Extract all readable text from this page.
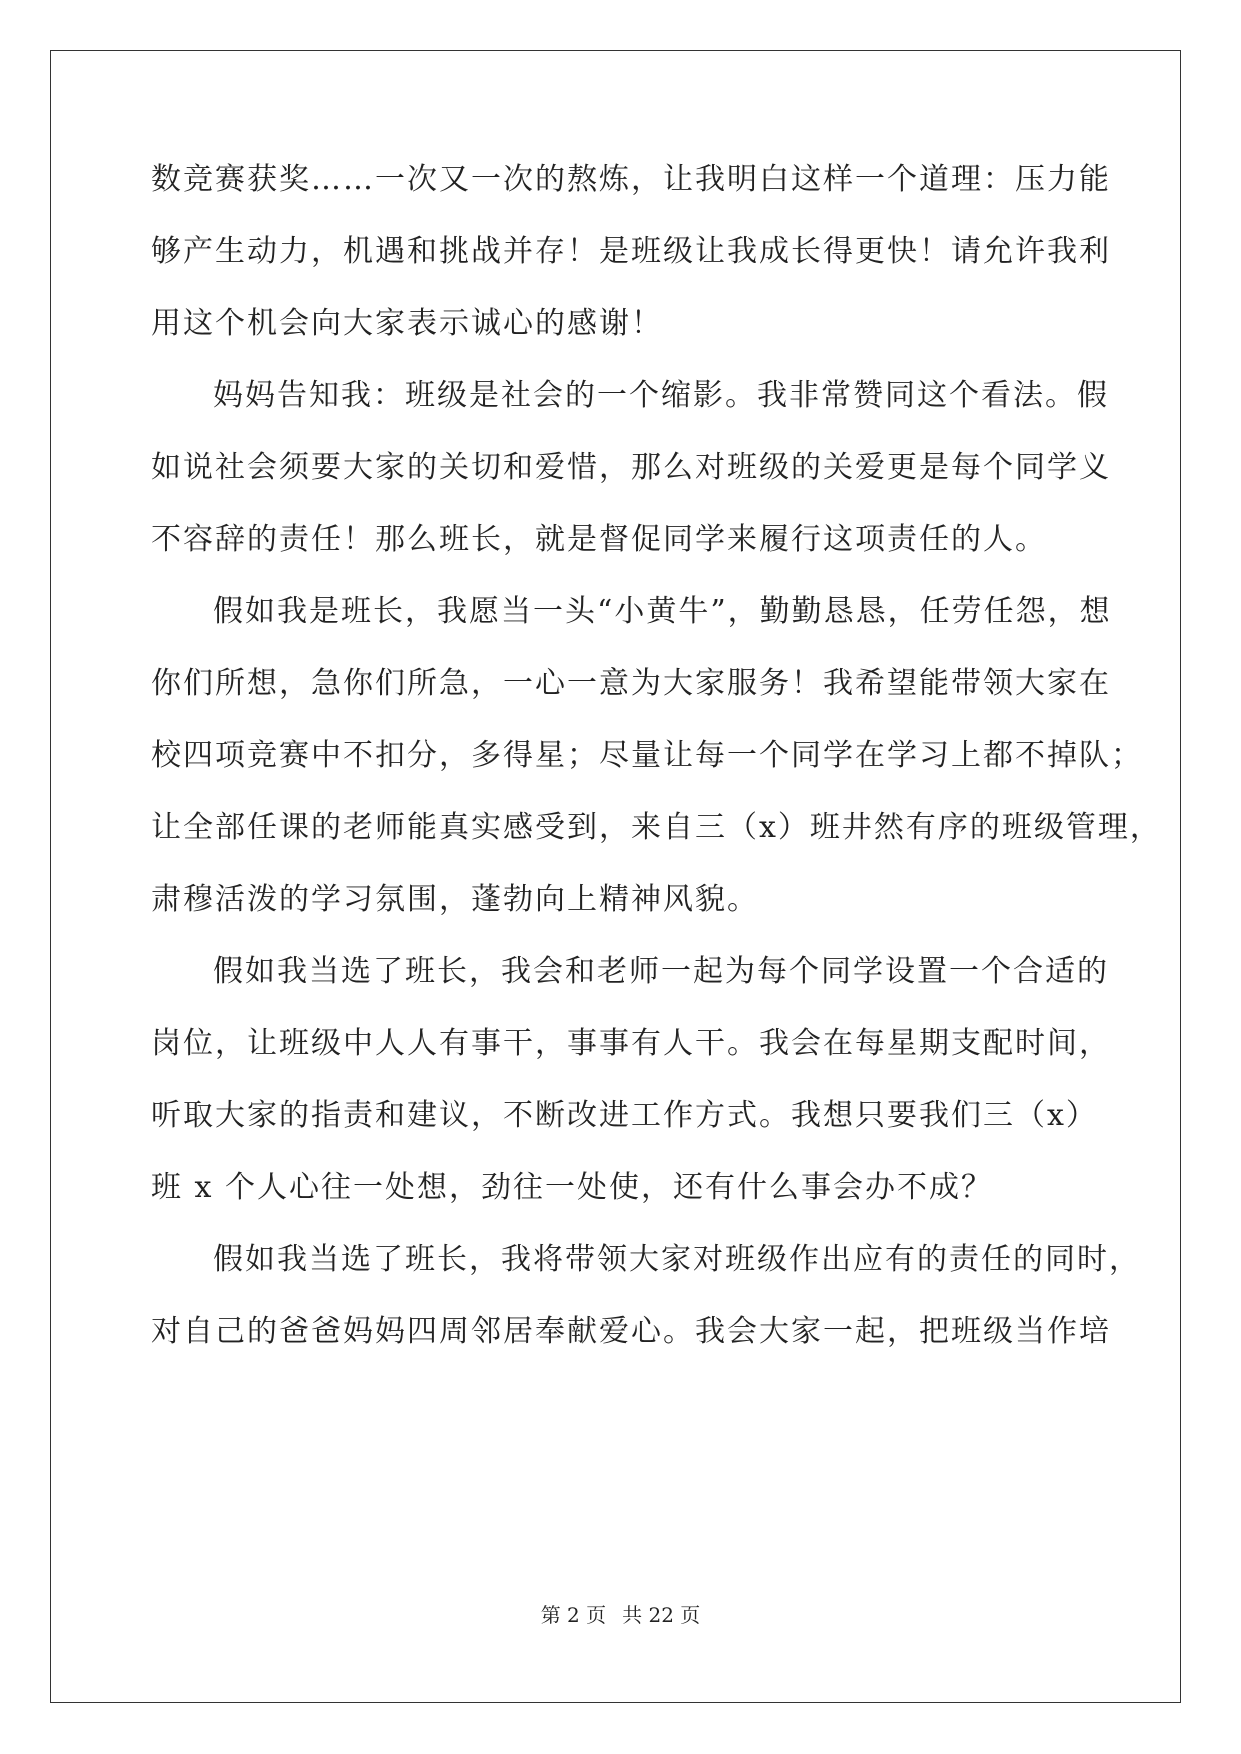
数竞赛获奖……一次又一次的熬炼，让我明白这样一个道理：压力能
够产生动力，机遇和挑战并存！是班级让我成长得更快！请允许我利
用这个机会向大家表示诚心的感谢！
妈妈告知我：班级是社会的一个缩影。我非常赞同这个看法。假
如说社会须要大家的关切和爱惜，那么对班级的关爱更是每个同学义
不容辞的责任！那么班长，就是督促同学来履行这项责任的人。
假如我是班长，我愿当一头“小黄牛”，勤勤恳恳，任劳任怨，想
你们所想，急你们所急，一心一意为大家服务！我希望能带领大家在
校四项竞赛中不扣分，多得星；尽量让每一个同学在学习上都不掉队；
让全部任课的老师能真实感受到，来自三（x）班井然有序的班级管理，
肃穆活泼的学习氛围，蓬勃向上精神风貌。
假如我当选了班长，我会和老师一起为每个同学设置一个合适的
岗位，让班级中人人有事干，事事有人干。我会在每星期支配时间，
听取大家的指责和建议，不断改进工作方式。我想只要我们三（x）
班 x 个人心往一处想，劲往一处使，还有什么事会办不成？
假如我当选了班长，我将带领大家对班级作出应有的责任的同时，
对自己的爸爸妈妈四周邻居奉献爱心。我会大家一起，把班级当作培
第 2 页 共 22 页
